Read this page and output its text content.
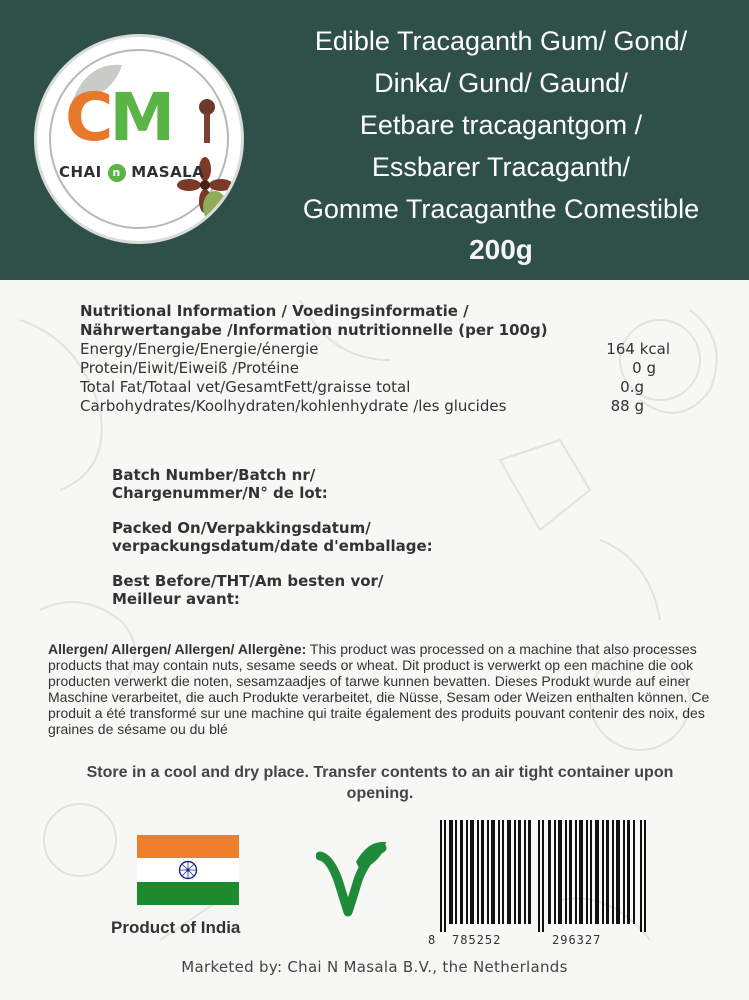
CM
CHAI n MASALA
Edible Tracaganth Gum/ Gond/
Dinka/ Gund/ Gaund/
Eetbare tracagantgom /
Essbarer Tracaganth/
Gomme Tracaganthe Comestible
200g
Nutritional Information / Voedingsinformatie / Nährwertangabe /Information nutritionnelle (per 100g)
Energy/Energie/Energie/énergie	164 kcal
Protein/Eiwit/Eiweiß /Protéine	0 g
Total Fat/Totaal vet/GesamtFett/graisse total	0.g
Carbohydrates/Koolhydraten/kohlenhydrate /les glucides	88 g
Batch Number/Batch nr/
Chargenummer/N° de lot:
Packed On/Verpakkingsdatum/
verpackungsdatum/date d'emballage:
Best Before/THT/Am besten vor/
Meilleur avant:
Allergen/ Allergen/ Allergen/ Allergène: This product was processed on a machine that also processes products that may contain nuts, sesame seeds or wheat. Dit product is verwerkt op een machine die ook producten verwerkt die noten, sesamzaadjes of tarwe kunnen bevatten. Dieses Produkt wurde auf einer Maschine verarbeitet, die auch Produkte verarbeitet, die Nüsse, Sesam oder Weizen enthalten können. Ce produit a été transformé sur une machine qui traite également des produits pouvant contenir des noix, des graines de sésame ou du blé
Store in a cool and dry place. Transfer contents to an air tight container upon opening.
Product of India
8 785252	296327
Marketed by: Chai N Masala B.V., the Netherlands
